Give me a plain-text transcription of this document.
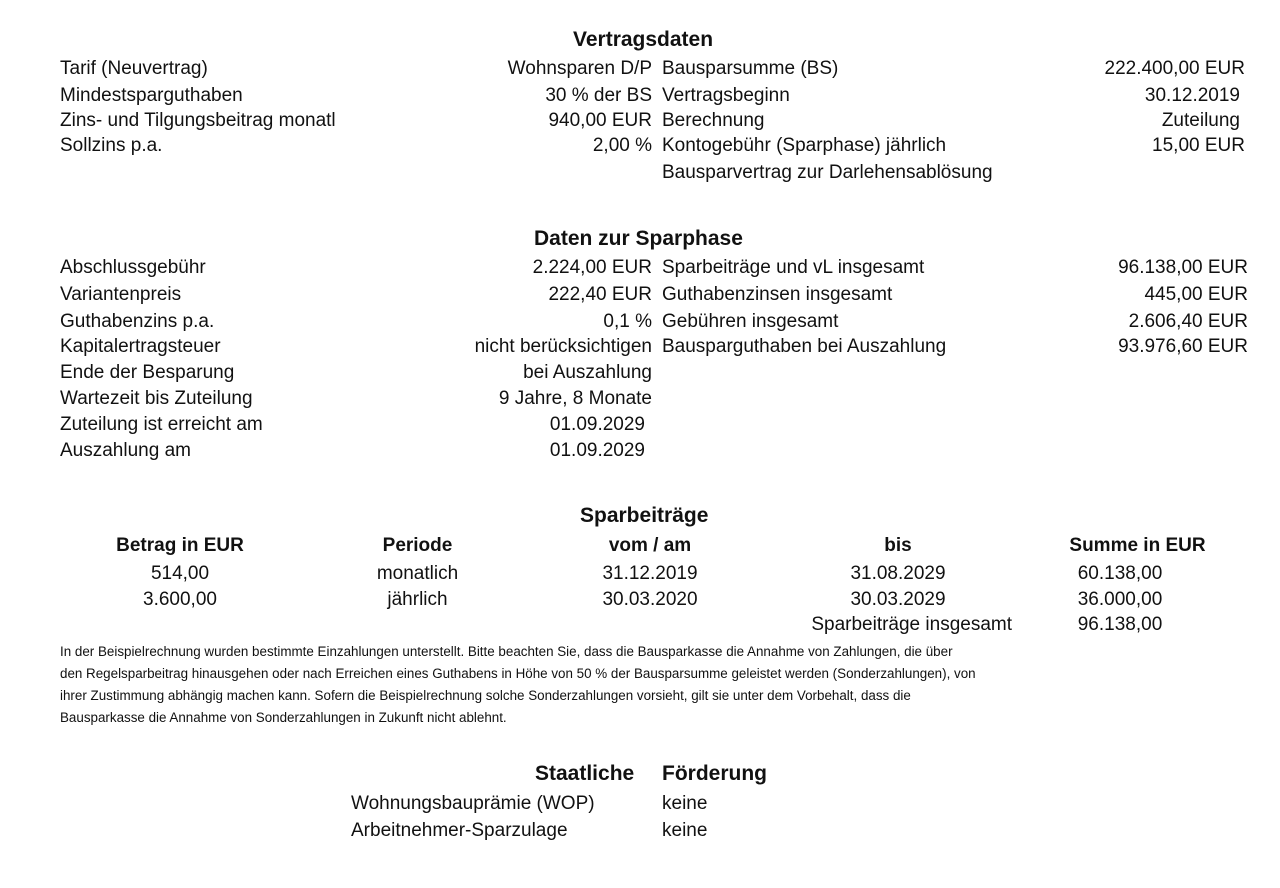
Vertragsdaten
Tarif (Neuvertrag)	Wohnsparen D/P
Mindestsparguthaben	30 % der BS
Zins- und Tilgungsbeitrag monatl	940,00 EUR
Sollzins p.a.	2,00 %
Bausparsumme (BS)	222.400,00 EUR
Vertragsbeginn	30.12.2019
Berechnung	Zuteilung
Kontogebühr (Sparphase) jährlich	15,00 EUR
Bausparvertrag zur Darlehensablösung
Daten zur Sparphase
Abschlussgebühr	2.224,00 EUR
Variantenpreis	222,40 EUR
Guthabenzins p.a.	0,1 %
Kapitalertragsteuer	nicht berücksichtigen
Ende der Besparung	bei Auszahlung
Wartezeit bis Zuteilung	9 Jahre, 8 Monate
Zuteilung ist erreicht am	01.09.2029
Auszahlung am	01.09.2029
Sparbeiträge und vL insgesamt	96.138,00 EUR
Guthabenzinsen insgesamt	445,00 EUR
Gebühren insgesamt	2.606,40 EUR
Bausparguthaben bei Auszahlung	93.976,60 EUR
Sparbeiträge
Betrag in EUR	Periode	vom / am	bis	Summe in EUR
514,00	monatlich	31.12.2019	31.08.2029	60.138,00
3.600,00	jährlich	30.03.2020	30.03.2029	36.000,00
Sparbeiträge insgesamt	96.138,00
In der Beispielrechnung wurden bestimmte Einzahlungen unterstellt. Bitte beachten Sie, dass die Bausparkasse die Annahme von Zahlungen, die über
den Regelsparbeitrag hinausgehen oder nach Erreichen eines Guthabens in Höhe von 50 % der Bausparsumme geleistet werden (Sonderzahlungen), von
ihrer Zustimmung abhängig machen kann. Sofern die Beispielrechnung solche Sonderzahlungen vorsieht, gilt sie unter dem Vorbehalt, dass die
Bausparkasse die Annahme von Sonderzahlungen in Zukunft nicht ablehnt.
Staatliche Förderung
Wohnungsbauprämie (WOP)	keine
Arbeitnehmer-Sparzulage	keine
